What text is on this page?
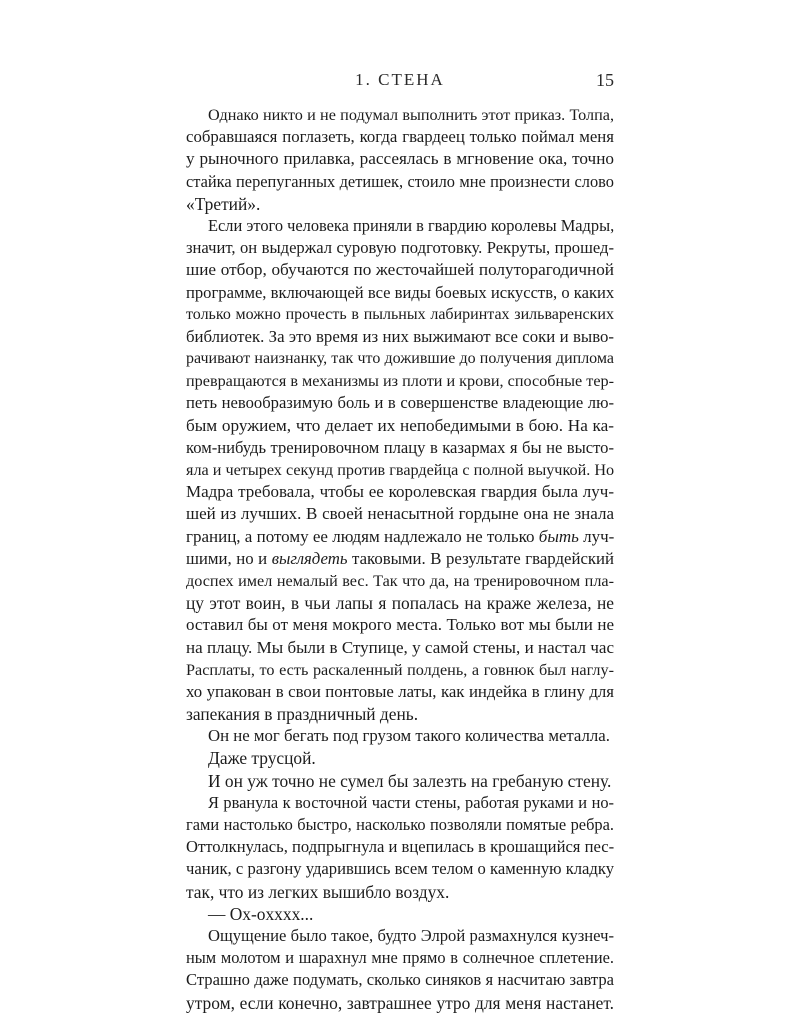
1. СТЕНА	15
Однако никто и не подумал выполнить этот приказ. Толпа,
собравшаяся поглазеть, когда гвардеец только поймал меня
у рыночного прилавка, рассеялась в мгновение ока, точно
стайка перепуганных детишек, стоило мне произнести слово
«Третий».
Если этого человека приняли в гвардию королевы Мадры,
значит, он выдержал суровую подготовку. Рекруты, прошед-
шие отбор, обучаются по жесточайшей полуторагодичной
программе, включающей все виды боевых искусств, о каких
только можно прочесть в пыльных лабиринтах зильваренских
библиотек. За это время из них выжимают все соки и выво-
рачивают наизнанку, так что дожившие до получения диплома
превращаются в механизмы из плоти и крови, способные тер-
петь невообразимую боль и в совершенстве владеющие лю-
бым оружием, что делает их непобедимыми в бою. На ка-
ком-нибудь тренировочном плацу в казармах я бы не высто-
яла и четырех секунд против гвардейца с полной выучкой. Но
Мадра требовала, чтобы ее королевская гвардия была луч-
шей из лучших. В своей ненасытной гордыне она не знала
границ, а потому ее людям надлежало не только быть луч-
шими, но и выглядеть таковыми. В результате гвардейский
доспех имел немалый вес. Так что да, на тренировочном пла-
цу этот воин, в чьи лапы я попалась на краже железа, не
оставил бы от меня мокрого места. Только вот мы были не
на плацу. Мы были в Ступице, у самой стены, и настал час
Расплаты, то есть раскаленный полдень, а говнюк был наглу-
хо упакован в свои понтовые латы, как индейка в глину для
запекания в праздничный день.
Он не мог бегать под грузом такого количества металла.
Даже трусцой.
И он уж точно не сумел бы залезть на гребаную стену.
Я рванула к восточной части стены, работая руками и но-
гами настолько быстро, насколько позволяли помятые ребра.
Оттолкнулась, подпрыгнула и вцепилась в крошащийся пес-
чаник, с разгону ударившись всем телом о каменную кладку
так, что из легких вышибло воздух.
— Ох-оxxxx...
Ощущение было такое, будто Элрой размахнулся кузнеч-
ным молотом и шарахнул мне прямо в солнечное сплетение.
Страшно даже подумать, сколько синяков я насчитаю завтра
утром, если конечно, завтрашнее утро для меня настанет.
